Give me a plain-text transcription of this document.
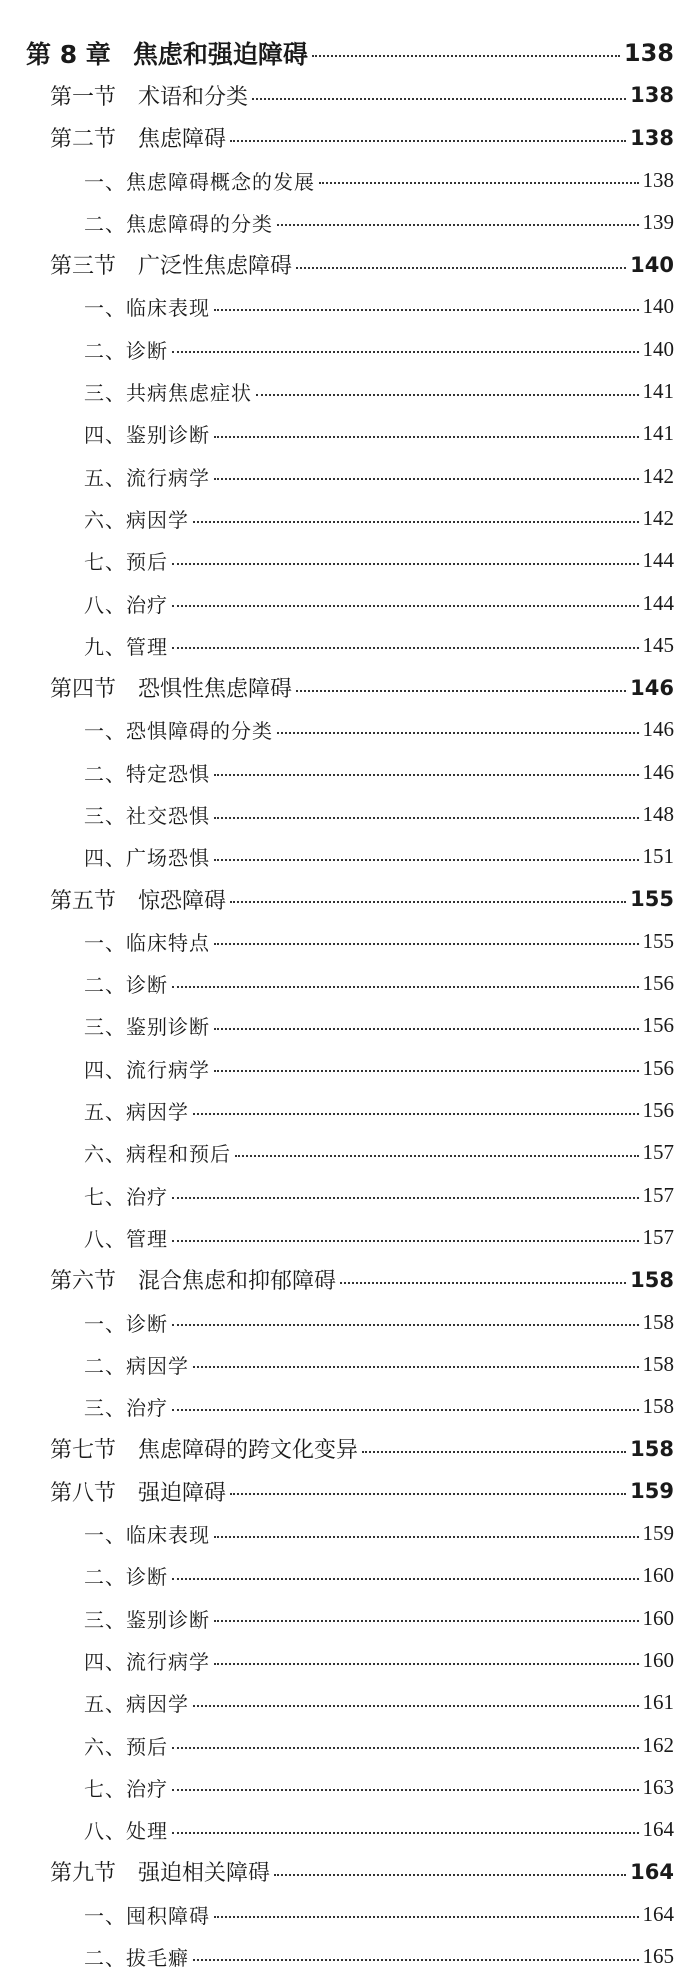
第 8 章 焦虑和强迫障碍	138
第一节 术语和分类	138
第二节 焦虑障碍	138
一、焦虑障碍概念的发展	138
二、焦虑障碍的分类	139
第三节 广泛性焦虑障碍	140
一、临床表现	140
二、诊断	140
三、共病焦虑症状	141
四、鉴别诊断	141
五、流行病学	142
六、病因学	142
七、预后	144
八、治疗	144
九、管理	145
第四节 恐惧性焦虑障碍	146
一、恐惧障碍的分类	146
二、特定恐惧	146
三、社交恐惧	148
四、广场恐惧	151
第五节 惊恐障碍	155
一、临床特点	155
二、诊断	156
三、鉴别诊断	156
四、流行病学	156
五、病因学	156
六、病程和预后	157
七、治疗	157
八、管理	157
第六节 混合焦虑和抑郁障碍	158
一、诊断	158
二、病因学	158
三、治疗	158
第七节 焦虑障碍的跨文化变异	158
第八节 强迫障碍	159
一、临床表现	159
二、诊断	160
三、鉴别诊断	160
四、流行病学	160
五、病因学	161
六、预后	162
七、治疗	163
八、处理	164
第九节 强迫相关障碍	164
一、囤积障碍	164
二、拔毛癖	165
